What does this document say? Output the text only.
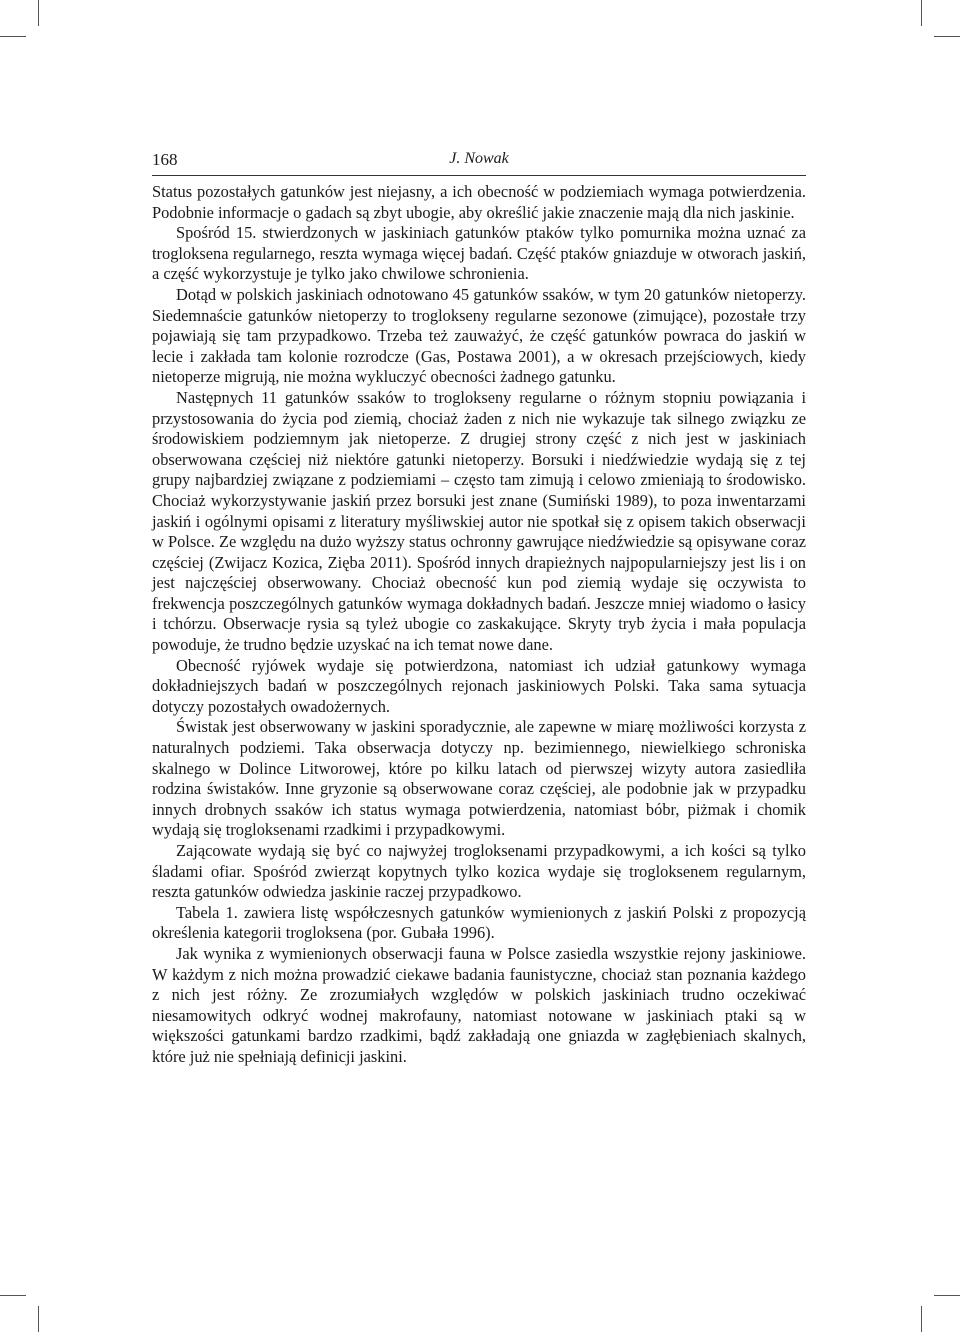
168	J. Nowak

Status pozostałych gatunków jest niejasny, a ich obecność w podziemiach wymaga potwierdzenia. Podobnie informacje o gadach są zbyt ubogie, aby określić jakie znaczenie mają dla nich jaskinie.

Spośród 15. stwierdzonych w jaskiniach gatunków ptaków tylko pomurnika można uznać za trogloksena regularnego, reszta wymaga więcej badań. Część ptaków gniazduje w otworach jaskiń, a część wykorzystuje je tylko jako chwilowe schronienia.

Dotąd w polskich jaskiniach odnotowano 45 gatunków ssaków, w tym 20 gatunków nietoperzy. Siedemnaście gatunków nietoperzy to troglokseny regularne sezonowe (zimujące), pozostałe trzy pojawiają się tam przypadkowo. Trzeba też zauważyć, że część gatunków powraca do jaskiń w lecie i zakłada tam kolonie rozrodcze (Gas, Postawa 2001), a w okresach przejściowych, kiedy nietoperze migrują, nie można wykluczyć obecności żadnego gatunku.

Następnych 11 gatunków ssaków to troglokseny regularne o różnym stopniu powiązania i przystosowania do życia pod ziemią, chociaż żaden z nich nie wykazuje tak silnego związku ze środowiskiem podziemnym jak nietoperze. Z drugiej strony część z nich jest w jaskiniach obserwowana częściej niż niektóre gatunki nietoperzy. Borsuki i niedźwiedzie wydają się z tej grupy najbardziej związane z podziemiami – często tam zimują i celowo zmieniają to środowisko. Chociaż wykorzystywanie jaskiń przez borsuki jest znane (Sumiński 1989), to poza inwentarzami jaskiń i ogólnymi opisami z literatury myśliwskiej autor nie spotkał się z opisem takich obserwacji w Polsce. Ze względu na dużo wyższy status ochronny gawrujące niedźwiedzie są opisywane coraz częściej (Zwijacz Kozica, Zięba 2011). Spośród innych drapieżnych najpopularniejszy jest lis i on jest najczęściej obserwowany. Chociaż obecność kun pod ziemią wydaje się oczywista to frekwencja poszczególnych gatunków wymaga dokładnych badań. Jeszcze mniej wiadomo o łasicy i tchórzu. Obserwacje rysia są tyleż ubogie co zaskakujące. Skryty tryb życia i mała populacja powoduje, że trudno będzie uzyskać na ich temat nowe dane.

Obecność ryjówek wydaje się potwierdzona, natomiast ich udział gatunkowy wymaga dokładniejszych badań w poszczególnych rejonach jaskiniowych Polski. Taka sama sytuacja dotyczy pozostałych owadożernych.

Świstak jest obserwowany w jaskini sporadycznie, ale zapewne w miarę możliwości korzysta z naturalnych podziemi. Taka obserwacja dotyczy np. bezimiennego, niewielkiego schroniska skalnego w Dolince Litworowej, które po kilku latach od pierwszej wizyty autora zasiedliła rodzina świstaków. Inne gryzonie są obserwowane coraz częściej, ale podobnie jak w przypadku innych drobnych ssaków ich status wymaga potwierdzenia, natomiast bóbr, piżmak i chomik wydają się trogloksenami rzadkimi i przypadkowymi.

Zającowate wydają się być co najwyżej trogloksenami przypadkowymi, a ich kości są tylko śladami ofiar. Spośród zwierząt kopytnych tylko kozica wydaje się trogloksenem regularnym, reszta gatunków odwiedza jaskinie raczej przypadkowo.

Tabela 1. zawiera listę współczesnych gatunków wymienionych z jaskiń Polski z propozycją określenia kategorii trogloksena (por. Gubała 1996).

Jak wynika z wymienionych obserwacji fauna w Polsce zasiedla wszystkie rejony jaskiniowe. W każdym z nich można prowadzić ciekawe badania faunistyczne, chociaż stan poznania każdego z nich jest różny. Ze zrozumiałych względów w polskich jaskiniach trudno oczekiwać niesamowitych odkryć wodnej makrofauny, natomiast notowane w jaskiniach ptaki są w większości gatunkami bardzo rzadkimi, bądź zakładają one gniazda w zagłębieniach skalnych, które już nie spełniają definicji jaskini.
